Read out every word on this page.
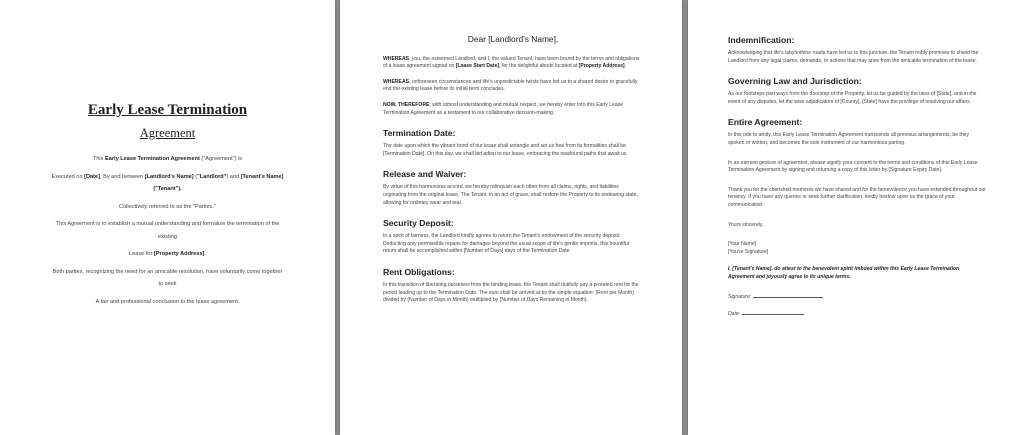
Early Lease Termination
Agreement

This Early Lease Termination Agreement ("Agreement") is

Executed on [Date], By and between [Landlord's Name] ("Landlord") and [Tenant's Name]

("Tenant").

Collectively referred to as the "Parties."

This Agreement is to establish a mutual understanding and formalize the termination of the

existing

Lease for [Property Address].

Both parties, recognizing the need for an amicable resolution, have voluntarily come together

to seek

A fair and professional conclusion to the lease agreement.

Dear [Landlord's Name],

WHEREAS, you, the esteemed Landlord, and I, the valued Tenant, have been bound by the terms and obligations of a lease agreement signed on [Lease Start Date], for the delightful abode located at [Property Address].

WHEREAS, unforeseen circumstances and life's unpredictable twists have led us to a shared desire to gracefully end the existing lease before its initial term concludes.

NOW, THEREFORE, with utmost understanding and mutual respect, we hereby enter into this Early Lease Termination Agreement as a testament to our collaborative decision-making.

Termination Date:

The date upon which the vibrant bond of our lease shall untangle and set us free from its formalities shall be [Termination Date]. On this day, we shall bid adieu to our lease, embracing the newfound paths that await us.

Release and Waiver:

By virtue of this harmonious accord, we hereby relinquish each other from all claims, rights, and liabilities originating from the original lease. The Tenant, in an act of grace, shall restore the Property to its endearing state, allowing for ordinary wear and tear.

Security Deposit:

In a spirit of fairness, the Landlord kindly agrees to return the Tenant's endowment of the security deposit. Deducting only permissible repairs for damages beyond the usual scope of life's gentle imprints, this bountiful return shall be accomplished within [Number of Days] days of the Termination Date.

Rent Obligations:

In this transition of liberating ourselves from the binding lease, the Tenant shall dutifully pay a prorated rent for the period leading up to the Termination Date. The sum shall be arrived at by the simple equation: (Rent per Month) divided by (Number of Days in Month) multiplied by (Number of Days Remaining in Month).

Indemnification:

Acknowledging that life's labyrinthine roads have led us to this juncture, the Tenant nobly promises to shield the Landlord from any legal claims, demands, or actions that may arise from the amicable termination of the lease.

Governing Law and Jurisdiction:

As our footsteps part ways from the doorstep of the Property, let us be guided by the laws of [State], and in the event of any disputes, let the wise adjudicators of [County], [State] have the privilege of resolving our affairs.

Entire Agreement:

In this ode to amity, this Early Lease Termination Agreement transcends all previous arrangements, be they spoken or written, and becomes the sole instrument of our harmonious parting.

In an earnest gesture of agreement, please signify your consent to the terms and conditions of this Early Lease Termination Agreement by signing and returning a copy of this letter by [Signature Expiry Date].

Thank you for the cherished moments we have shared and for the benevolence you have extended throughout our tenancy. If you have any queries or seek further clarification, kindly bestow upon us the grace of your communication.

Yours sincerely,

[Your Name]

[You're Signature]

I, [Tenant's Name], do attest to the benevolent spirit imbued within this Early Lease Termination Agreement and joyously agree to its unique terms.

Signature:

Date:
